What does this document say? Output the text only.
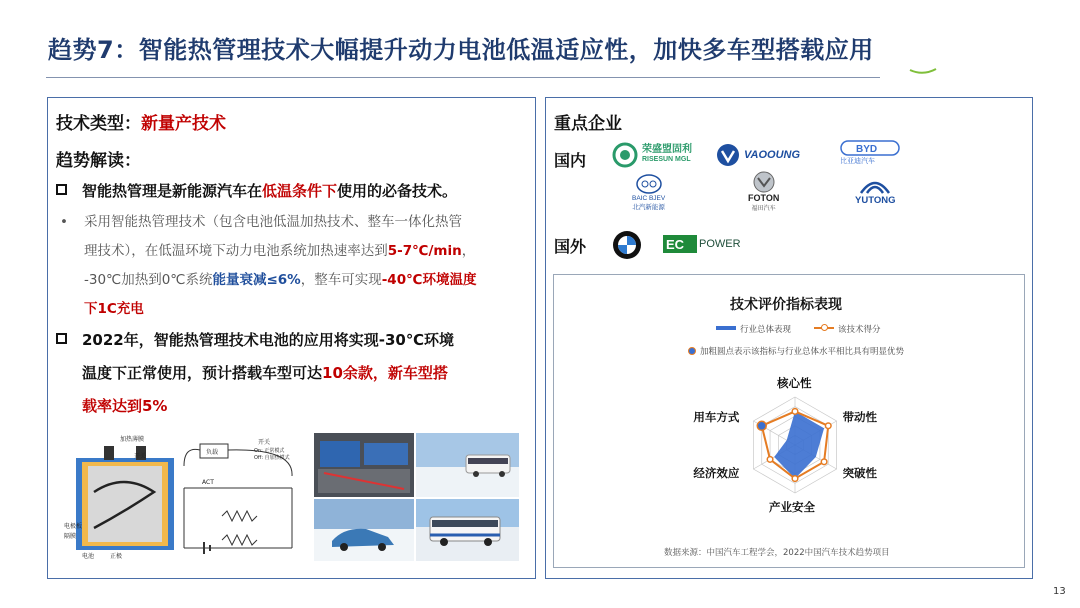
趋势7：智能热管理技术大幅提升动力电池低温适应性，加快多车型搭载应用
技术类型：新量产技术
趋势解读：
智能热管理是新能源汽车在低温条件下使用的必备技术。
• 采用智能热管理技术（包含电池低温加热技术、整车一体化热管
理技术），在低温环境下动力电池系统加热速率达到5-7℃/min，
-30℃加热到0℃系统能量衰减≤6%，整车可实现-40℃环境温度
下1C充电
2022年，智能热管理技术电池的应用将实现-30℃环境
温度下正常使用，预计搭载车型可达10余款，新车型搭
载率达到5%
加热薄膜
开关
电极板
隔膜
电池	正极
负载
开关
On: 正常模式
Off: 自加热模式
ACT
重点企业
国内
国外
荣盛盟固利
RISESUN MGL	VAOOUNG	BYD
比亚迪汽车
BAIC BJEV
北汽新能源
FOTON
福田汽车
YUTONG
EC POWER
技术评价指标表现
行业总体表现	该技术得分
加粗圆点表示该指标与行业总体水平相比具有明显优势
核心性
带动性
突破性
产业安全
经济效应
用车方式
数据来源：中国汽车工程学会，2022中国汽车技术趋势项目
13
